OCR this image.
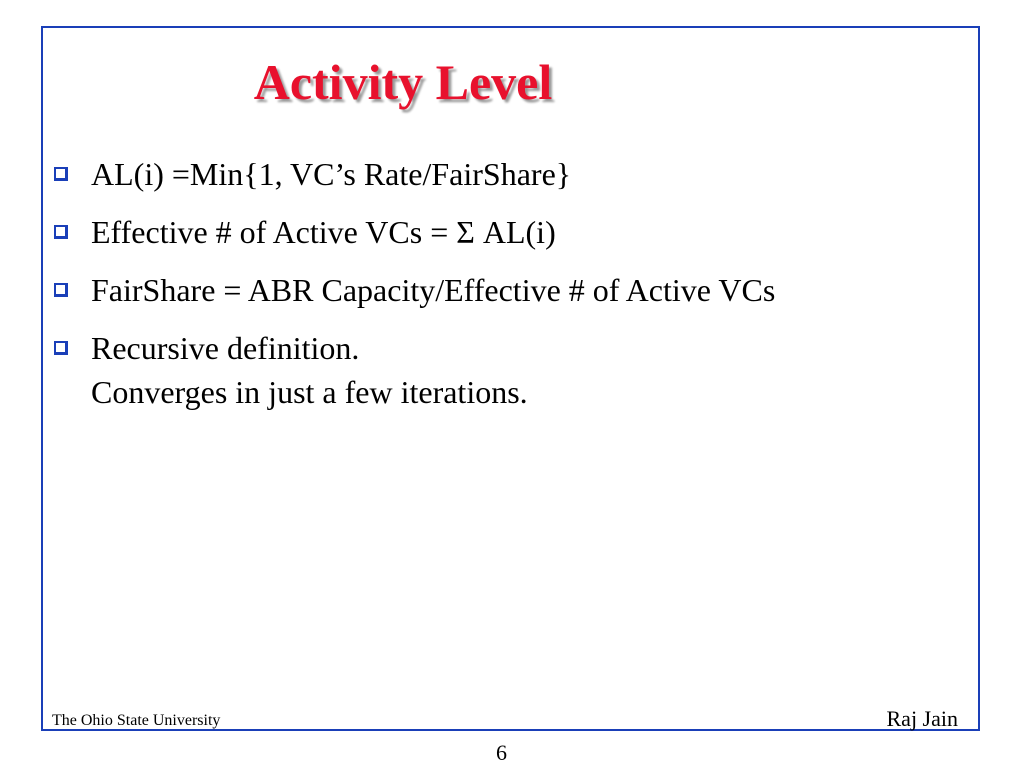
Activity Level
AL(i) =Min{1, VC’s Rate/FairShare}
Effective # of Active VCs = Σ AL(i)
FairShare = ABR Capacity/Effective # of Active VCs
Recursive definition.
Converges in just a few iterations.
The Ohio State University	Raj Jain
6
